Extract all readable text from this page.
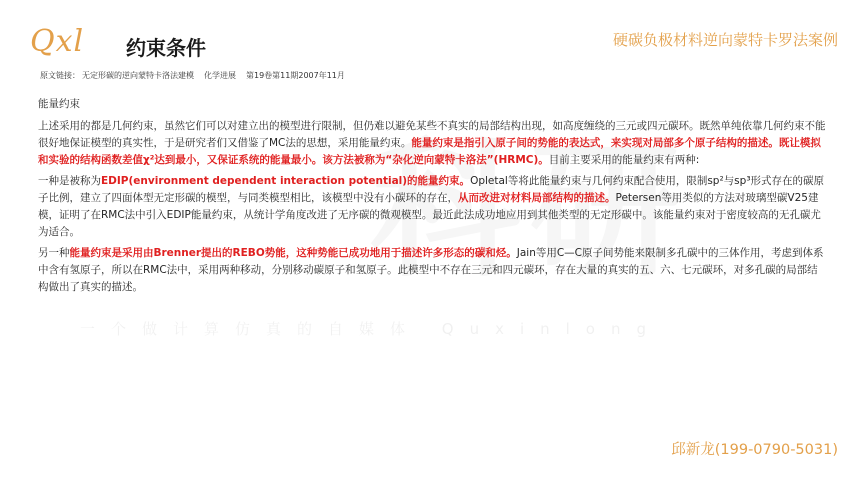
一个做计算仿真的自媒体 Quxinlong
Qxl 约束条件	硬碳负极材料逆向蒙特卡罗法案例
原文链接： 无定形碳的逆向蒙特卡洛法建模 化学进展 第19卷第11期2007年11月

能量约束

上述采用的都是几何约束，虽然它们可以对建立出的模型进行限制，但仍难以避免某些不真实的局部结构出现，如高度缠绕的三元或四元碳环。既然单纯依靠几何约束不能很好地保证模型的真实性，于是研究者们又借鉴了MC法的思想，采用能量约束。能量约束是指引入原子间的势能的表达式，来实现对局部多个原子结构的描述。既让模拟和实验的结构函数差值χ²达到最小，又保证系统的能量最小。该方法被称为“杂化逆向蒙特卡洛法”(HRMC)。目前主要采用的能量约束有两种:

一种是被称为EDIP(environment dependent interaction potential)的能量约束。Opletal等将此能量约束与几何约束配合使用，限制sp²与sp³形式存在的碳原子比例，建立了四面体型无定形碳的模型，与同类模型相比，该模型中没有小碳环的存在，从而改进对材料局部结构的描述。Petersen等用类似的方法对玻璃型碳V25建模，证明了在RMC法中引入EDIP能量约束，从统计学角度改进了无序碳的微观模型。最近此法成功地应用到其他类型的无定形碳中。该能量约束对于密度较高的无孔碳尤为适合。

另一种能量约束是采用由Brenner提出的REBO势能，这种势能已成功地用于描述许多形态的碳和烃。Jain等用C—C原子间势能来限制多孔碳中的三体作用，考虑到体系中含有氢原子，所以在RMC法中，采用两种移动，分别移动碳原子和氢原子。此模型中不存在三元和四元碳环，存在大量的真实的五、六、七元碳环，对多孔碳的局部结构做出了真实的描述。

邱新龙(199-0790-5031)
